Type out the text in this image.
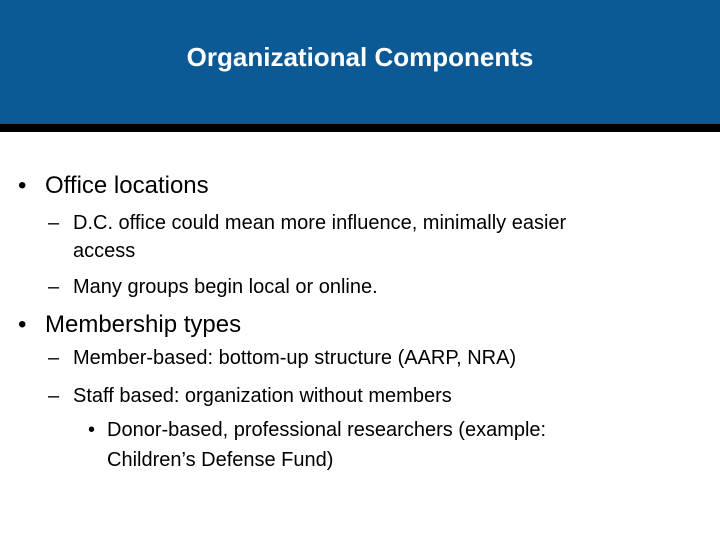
Organizational Components
• Office locations
– D.C. office could mean more influence, minimally easier
access
– Many groups begin local or online.
• Membership types
– Member-based: bottom-up structure (AARP, NRA)
– Staff based: organization without members
• Donor-based, professional researchers (example:
Children’s Defense Fund)
